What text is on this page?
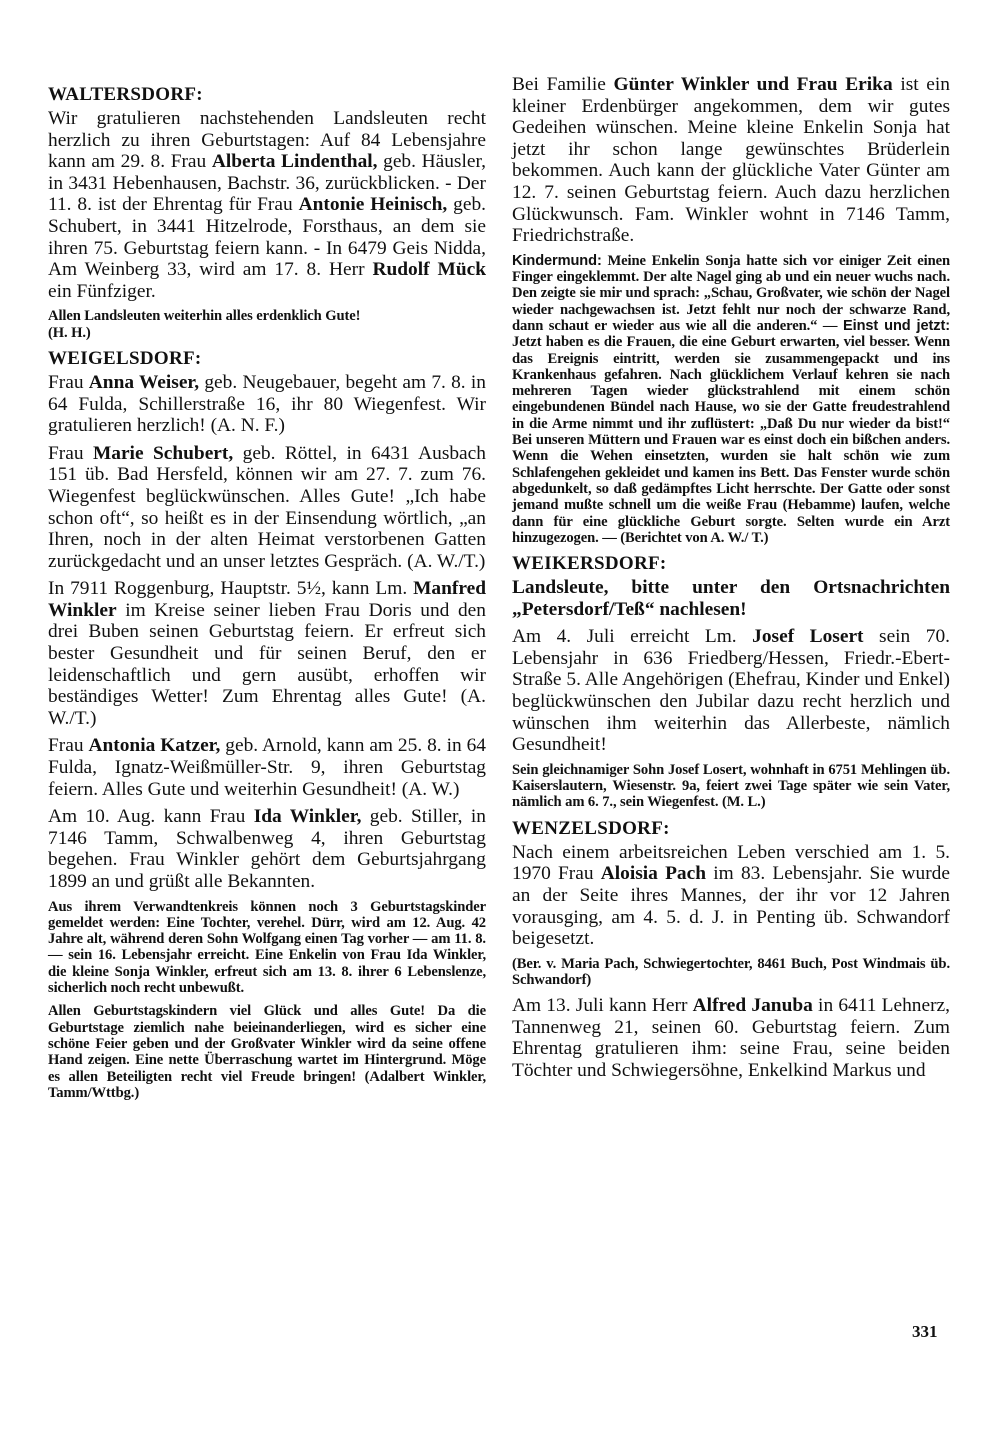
WALTERSDORF:
Wir gratulieren nachstehenden Landsleuten recht herzlich zu ihren Geburtstagen: Auf 84 Lebensjahre kann am 29. 8. Frau Alberta Lindenthal, geb. Häusler, in 3431 Hebenhausen, Bachstr. 36, zurückblicken. - Der 11. 8. ist der Ehrentag für Frau Antonie Heinisch, geb. Schubert, in 3441 Hitzelrode, Forsthaus, an dem sie ihren 75. Geburtstag feiern kann. - In 6479 Geis Nidda, Am Weinberg 33, wird am 17. 8. Herr Rudolf Mück ein Fünfziger.
Allen Landsleuten weiterhin alles erdenklich Gute!
(H. H.)
WEIGELSDORF:
Frau Anna Weiser, geb. Neugebauer, begeht am 7. 8. in 64 Fulda, Schillerstraße 16, ihr 80 Wiegenfest. Wir gratulieren herzlich! (A. N. F.)
Frau Marie Schubert, geb. Röttel, in 6431 Ausbach 151 üb. Bad Hersfeld, können wir am 27. 7. zum 76. Wiegenfest beglückwünschen. Alles Gute! „Ich habe schon oft“, so heißt es in der Einsendung wörtlich, „an Ihren, noch in der alten Heimat verstorbenen Gatten zurückgedacht und an unser letztes Gespräch. (A. W./T.)
In 7911 Roggenburg, Hauptstr. 5½, kann Lm. Manfred Winkler im Kreise seiner lieben Frau Doris und den drei Buben seinen Geburtstag feiern. Er erfreut sich bester Gesundheit und für seinen Beruf, den er leidenschaftlich und gern ausübt, erhoffen wir beständiges Wetter! Zum Ehrentag alles Gute! (A. W./T.)
Frau Antonia Katzer, geb. Arnold, kann am 25. 8. in 64 Fulda, Ignatz-Weißmüller-Str. 9, ihren Geburtstag feiern. Alles Gute und weiterhin Gesundheit! (A. W.)
Am 10. Aug. kann Frau Ida Winkler, geb. Stiller, in 7146 Tamm, Schwalbenweg 4, ihren Geburtstag begehen. Frau Winkler gehört dem Geburtsjahrgang 1899 an und grüßt alle Bekannten.
Aus ihrem Verwandtenkreis können noch 3 Geburtstagskinder gemeldet werden: Eine Tochter, verehel. Dürr, wird am 12. Aug. 42 Jahre alt, während deren Sohn Wolfgang einen Tag vorher — am 11. 8. — sein 16. Lebensjahr erreicht. Eine Enkelin von Frau Ida Winkler, die kleine Sonja Winkler, erfreut sich am 13. 8. ihrer 6 Lebenslenze, sicherlich noch recht unbewußt.
Allen Geburtstagskindern viel Glück und alles Gute! Da die Geburtstage ziemlich nahe beieinanderliegen, wird es sicher eine schöne Feier geben und der Großvater Winkler wird da seine offene Hand zeigen. Eine nette Überraschung wartet im Hintergrund. Möge es allen Beteiligten recht viel Freude bringen! (Adalbert Winkler, Tamm/Wttbg.)
Bei Familie Günter Winkler und Frau Erika ist ein kleiner Erdenbürger angekommen, dem wir gutes Gedeihen wünschen. Meine kleine Enkelin Sonja hat jetzt ihr schon lange gewünschtes Brüderlein bekommen. Auch kann der glückliche Vater Günter am 12. 7. seinen Geburtstag feiern. Auch dazu herzlichen Glückwunsch. Fam. Winkler wohnt in 7146 Tamm, Friedrichstraße.
Kindermund: Meine Enkelin Sonja hatte sich vor einiger Zeit einen Finger eingeklemmt. Der alte Nagel ging ab und ein neuer wuchs nach. Den zeigte sie mir und sprach: „Schau, Großvater, wie schön der Nagel wieder nachgewachsen ist. Jetzt fehlt nur noch der schwarze Rand, dann schaut er wieder aus wie all die anderen.“ — Einst und jetzt: Jetzt haben es die Frauen, die eine Geburt erwarten, viel besser. Wenn das Ereignis eintritt, werden sie zusammengepackt und ins Krankenhaus gefahren. Nach glücklichem Verlauf kehren sie nach mehreren Tagen wieder glückstrahlend mit einem schön eingebundenen Bündel nach Hause, wo sie der Gatte freudestrahlend in die Arme nimmt und ihr zuflüstert: „Daß Du nur wieder da bist!“ Bei unseren Müttern und Frauen war es einst doch ein bißchen anders. Wenn die Wehen einsetzten, wurden sie halt schön wie zum Schlafengehen gekleidet und kamen ins Bett. Das Fenster wurde schön abgedunkelt, so daß gedämpftes Licht herrschte. Der Gatte oder sonst jemand mußte schnell um die weiße Frau (Hebamme) laufen, welche dann für eine glückliche Geburt sorgte. Selten wurde ein Arzt hinzugezogen. — (Berichtet von A. W./ T.)
WEIKERSDORF:
Landsleute, bitte unter den Ortsnachrichten „Petersdorf/Teß“ nachlesen!
Am 4. Juli erreicht Lm. Josef Losert sein 70. Lebensjahr in 636 Friedberg/Hessen, Friedr.-Ebert-Straße 5. Alle Angehörigen (Ehefrau, Kinder und Enkel) beglückwünschen den Jubilar dazu recht herzlich und wünschen ihm weiterhin das Allerbeste, nämlich Gesundheit!
Sein gleichnamiger Sohn Josef Losert, wohnhaft in 6751 Mehlingen üb. Kaiserslautern, Wiesenstr. 9a, feiert zwei Tage später wie sein Vater, nämlich am 6. 7., sein Wiegenfest. (M. L.)
WENZELSDORF:
Nach einem arbeitsreichen Leben verschied am 1. 5. 1970 Frau Aloisia Pach im 83. Lebensjahr. Sie wurde an der Seite ihres Mannes, der ihr vor 12 Jahren vorausging, am 4. 5. d. J. in Penting üb. Schwandorf beigesetzt.
(Ber. v. Maria Pach, Schwiegertochter, 8461 Buch, Post Windmais üb. Schwandorf)
Am 13. Juli kann Herr Alfred Januba in 6411 Lehnerz, Tannenweg 21, seinen 60. Geburtstag feiern. Zum Ehrentag gratulieren ihm: seine Frau, seine beiden Töchter und Schwiegersöhne, Enkelkind Markus und
331
